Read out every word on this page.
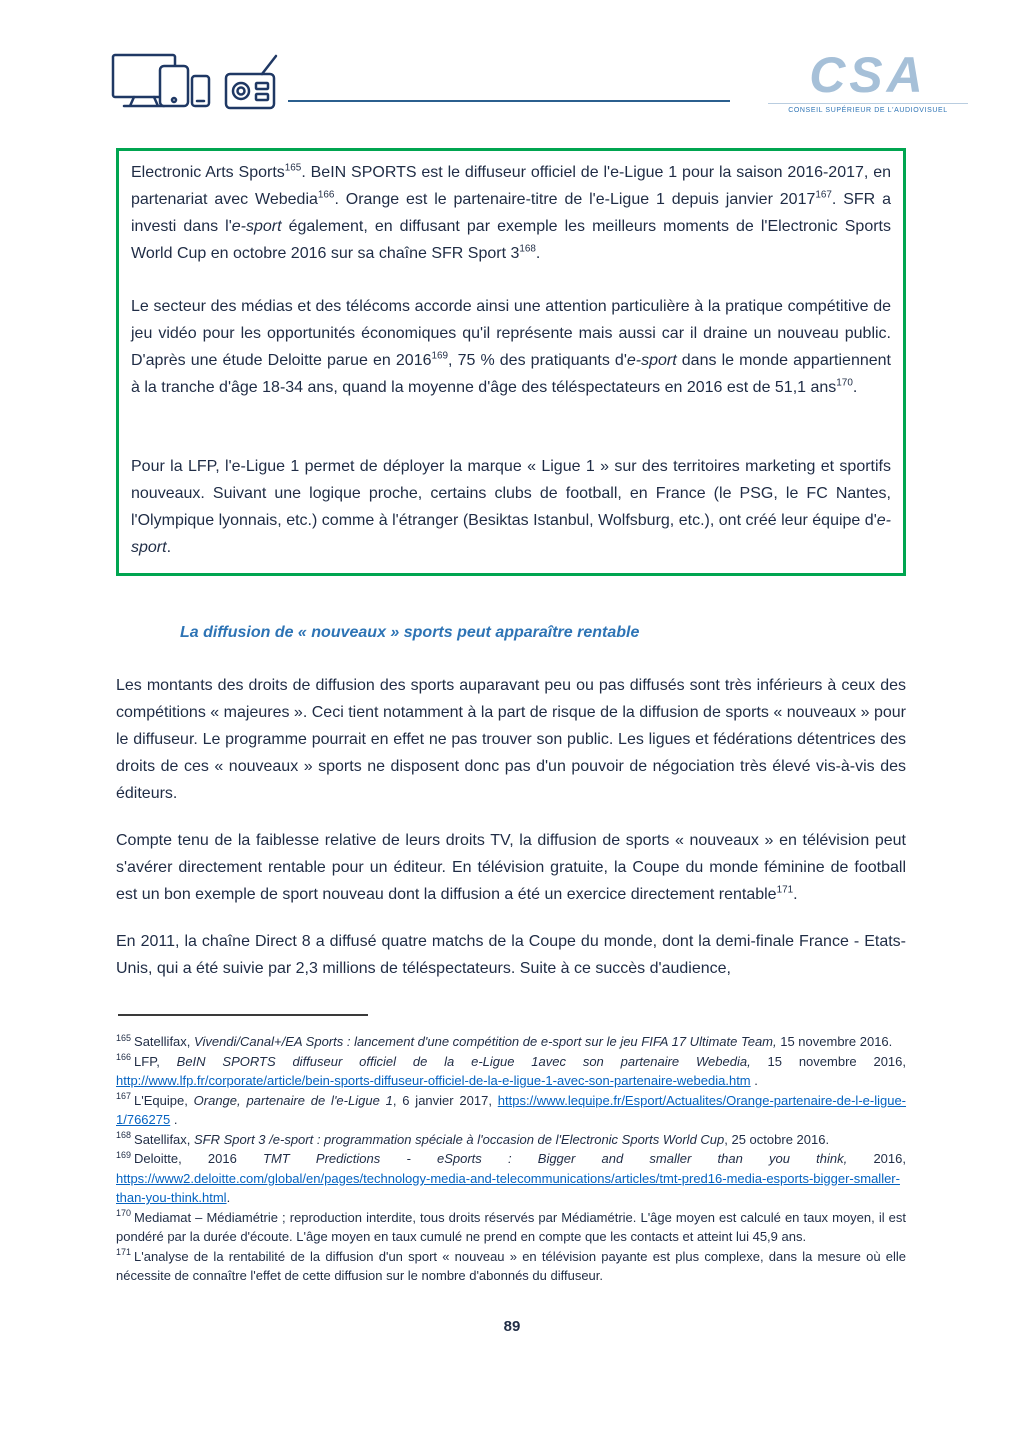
CSA
CONSEIL SUPÉRIEUR DE L'AUDIOVISUEL

Electronic Arts Sports$^{165}$. BeIN SPORTS est le diffuseur officiel de l'e-Ligue 1 pour la saison 2016-2017, en partenariat avec Webedia$^{166}$. Orange est le partenaire-titre de l'e-Ligue 1 depuis janvier 2017$^{167}$. SFR a investi dans l'e-sport également, en diffusant par exemple les meilleurs moments de l'Electronic Sports World Cup en octobre 2016 sur sa chaîne SFR Sport $3^{168}$.

Le secteur des médias et des télécoms accorde ainsi une attention particulière à la pratique compétitive de jeu vidéo pour les opportunités économiques qu'il représente mais aussi car il draine un nouveau public. D'après une étude Deloitte parue en 2016$^{169}$, 75 % des pratiquants d'e-sport dans le monde appartiennent à la tranche d'âge 18-34 ans, quand la moyenne d'âge des téléspectateurs en 2016 est de 51,1 ans$^{170}$.

Pour la LFP, l'e-Ligue 1 permet de déployer la marque « Ligue 1 » sur des territoires marketing et sportifs nouveaux. Suivant une logique proche, certains clubs de football, en France (le PSG, le FC Nantes, l'Olympique lyonnais, etc.) comme à l'étranger (Besiktas Istanbul, Wolfsburg, etc.), ont créé leur équipe d'e-sport.

La diffusion de « nouveaux » sports peut apparaître rentable

Les montants des droits de diffusion des sports auparavant peu ou pas diffusés sont très inférieurs à ceux des compétitions « majeures ». Ceci tient notamment à la part de risque de la diffusion de sports « nouveaux » pour le diffuseur. Le programme pourrait en effet ne pas trouver son public. Les ligues et fédérations détentrices des droits de ces « nouveaux » sports ne disposent donc pas d'un pouvoir de négociation très élevé vis-à-vis des éditeurs.

Compte tenu de la faiblesse relative de leurs droits TV, la diffusion de sports « nouveaux » en télévision peut s'avérer directement rentable pour un éditeur. En télévision gratuite, la Coupe du monde féminine de football est un bon exemple de sport nouveau dont la diffusion a été un exercice directement rentable$^{171}$.

En 2011, la chaîne Direct 8 a diffusé quatre matchs de la Coupe du monde, dont la demi-finale France - Etats-Unis, qui a été suivie par 2,3 millions de téléspectateurs. Suite à ce succès d'audience,

$^{165}$ Satellifax, Vivendi/Canal+/EA Sports : lancement d'une compétition de e-sport sur le jeu FIFA 17 Ultimate Team, 15 novembre 2016.
$^{166}$ LFP, BeIN SPORTS diffuseur officiel de la e-Ligue 1avec son partenaire Webedia, 15 novembre 2016, http://www.lfp.fr/corporate/article/bein-sports-diffuseur-officiel-de-la-e-ligue-1-avec-son-partenaire-webedia.htm .
$^{167}$ L'Equipe, Orange, partenaire de l'e-Ligue 1, 6 janvier 2017, https://www.lequipe.fr/Esport/Actualites/Orange-partenaire-de-l-e-ligue-1/766275 .
$^{168}$ Satellifax, SFR Sport 3 /e-sport : programmation spéciale à l'occasion de l'Electronic Sports World Cup, 25 octobre 2016.
$^{169}$ Deloitte, 2016 TMT Predictions - eSports : Bigger and smaller than you think, 2016, https://www2.deloitte.com/global/en/pages/technology-media-and-telecommunications/articles/tmt-pred16-media-esports-bigger-smaller-than-you-think.html.
$^{170}$ Mediamat – Médiamétrie ; reproduction interdite, tous droits réservés par Médiamétrie. L'âge moyen est calculé en taux moyen, il est pondéré par la durée d'écoute. L'âge moyen en taux cumulé ne prend en compte que les contacts et atteint lui 45,9 ans.
$^{171}$ L'analyse de la rentabilité de la diffusion d'un sport « nouveau » en télévision payante est plus complexe, dans la mesure où elle nécessite de connaître l'effet de cette diffusion sur le nombre d'abonnés du diffuseur.
89
